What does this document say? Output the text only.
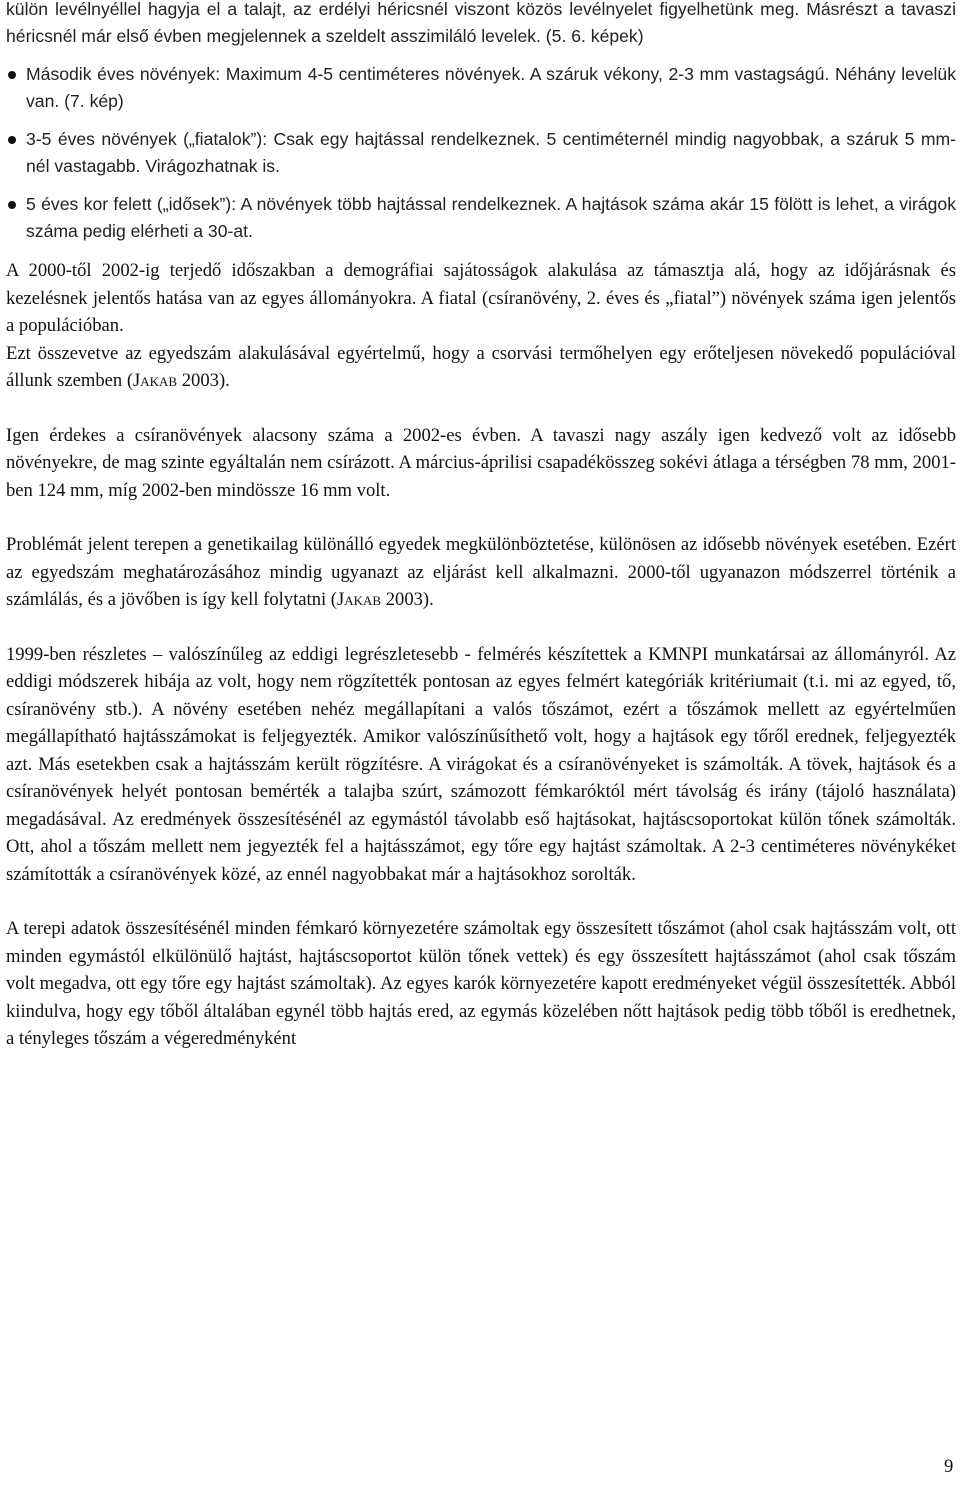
külön levélnyéllel hagyja el a talajt, az erdélyi héricsnél viszont közös levélnyelet figyelhetünk meg. Másrészt a tavaszi héricsnél már első évben megjelennek a szeldelt asszimiláló levelek. (5. 6. képek)

Második éves növények: Maximum 4-5 centiméteres növények. A száruk vékony, 2-3 mm vastagságú. Néhány levelük van. (7. kép)

3-5 éves növények („fiatalok”): Csak egy hajtással rendelkeznek. 5 centiméternél mindig nagyobbak, a száruk 5 mm-nél vastagabb. Virágozhatnak is.

5 éves kor felett („idősek”): A növények több hajtással rendelkeznek. A hajtások száma akár 15 fölött is lehet, a virágok száma pedig elérheti a 30-at.

A 2000-től 2002-ig terjedő időszakban a demográfiai sajátosságok alakulása az támasztja alá, hogy az időjárásnak és kezelésnek jelentős hatása van az egyes állományokra. A fiatal (csíranövény, 2. éves és „fiatal”) növények száma igen jelentős a populációban.

Ezt összevetve az egyedszám alakulásával egyértelmű, hogy a csorvási termőhelyen egy erőteljesen növekedő populációval állunk szemben (Jakab 2003).

Igen érdekes a csíranövények alacsony száma a 2002-es évben. A tavaszi nagy aszály igen kedvező volt az idősebb növényekre, de mag szinte egyáltalán nem csírázott. A március-áprilisi csapadékösszeg sokévi átlaga a térségben 78 mm, 2001-ben 124 mm, míg 2002-ben mindössze 16 mm volt.

Problémát jelent terepen a genetikailag különálló egyedek megkülönböztetése, különösen az idősebb növények esetében. Ezért az egyedszám meghatározásához mindig ugyanazt az eljárást kell alkalmazni. 2000-től ugyanazon módszerrel történik a számlálás, és a jövőben is így kell folytatni (Jakab 2003).

1999-ben részletes – valószínűleg az eddigi legrészletesebb - felmérés készítettek a KMNPI munkatársai az állományról. Az eddigi módszerek hibája az volt, hogy nem rögzítették pontosan az egyes felmért kategóriák kritériumait (t.i. mi az egyed, tő, csíranövény stb.). A növény esetében nehéz megállapítani a valós tőszámot, ezért a tőszámok mellett az egyértelműen megállapítható hajtásszámokat is feljegyezték. Amikor valószínűsíthető volt, hogy a hajtások egy tőről erednek, feljegyezték azt. Más esetekben csak a hajtásszám került rögzítésre. A virágokat és a csíranövényeket is számolták. A tövek, hajtások és a csíranövények helyét pontosan bemérték a talajba szúrt, számozott fémkaróktól mért távolság és irány (tájoló használata) megadásával. Az eredmények összesítésénél az egymástól távolabb eső hajtásokat, hajtáscsoportokat külön tőnek számolták. Ott, ahol a tőszám mellett nem jegyezték fel a hajtásszámot, egy tőre egy hajtást számoltak. A 2-3 centiméteres növénykéket számították a csíranövények közé, az ennél nagyobbakat már a hajtásokhoz sorolták.

A terepi adatok összesítésénél minden fémkaró környezetére számoltak egy összesített tőszámot (ahol csak hajtásszám volt, ott minden egymástól elkülönülő hajtást, hajtáscsoportot külön tőnek vettek) és egy összesített hajtásszámot (ahol csak tőszám volt megadva, ott egy tőre egy hajtást számoltak). Az egyes karók környezetére kapott eredményeket végül összesítették. Abból kiindulva, hogy egy tőből általában egynél több hajtás ered, az egymás közelében nőtt hajtások pedig több tőből is eredhetnek, a tényleges tőszám a végeredményként

9
